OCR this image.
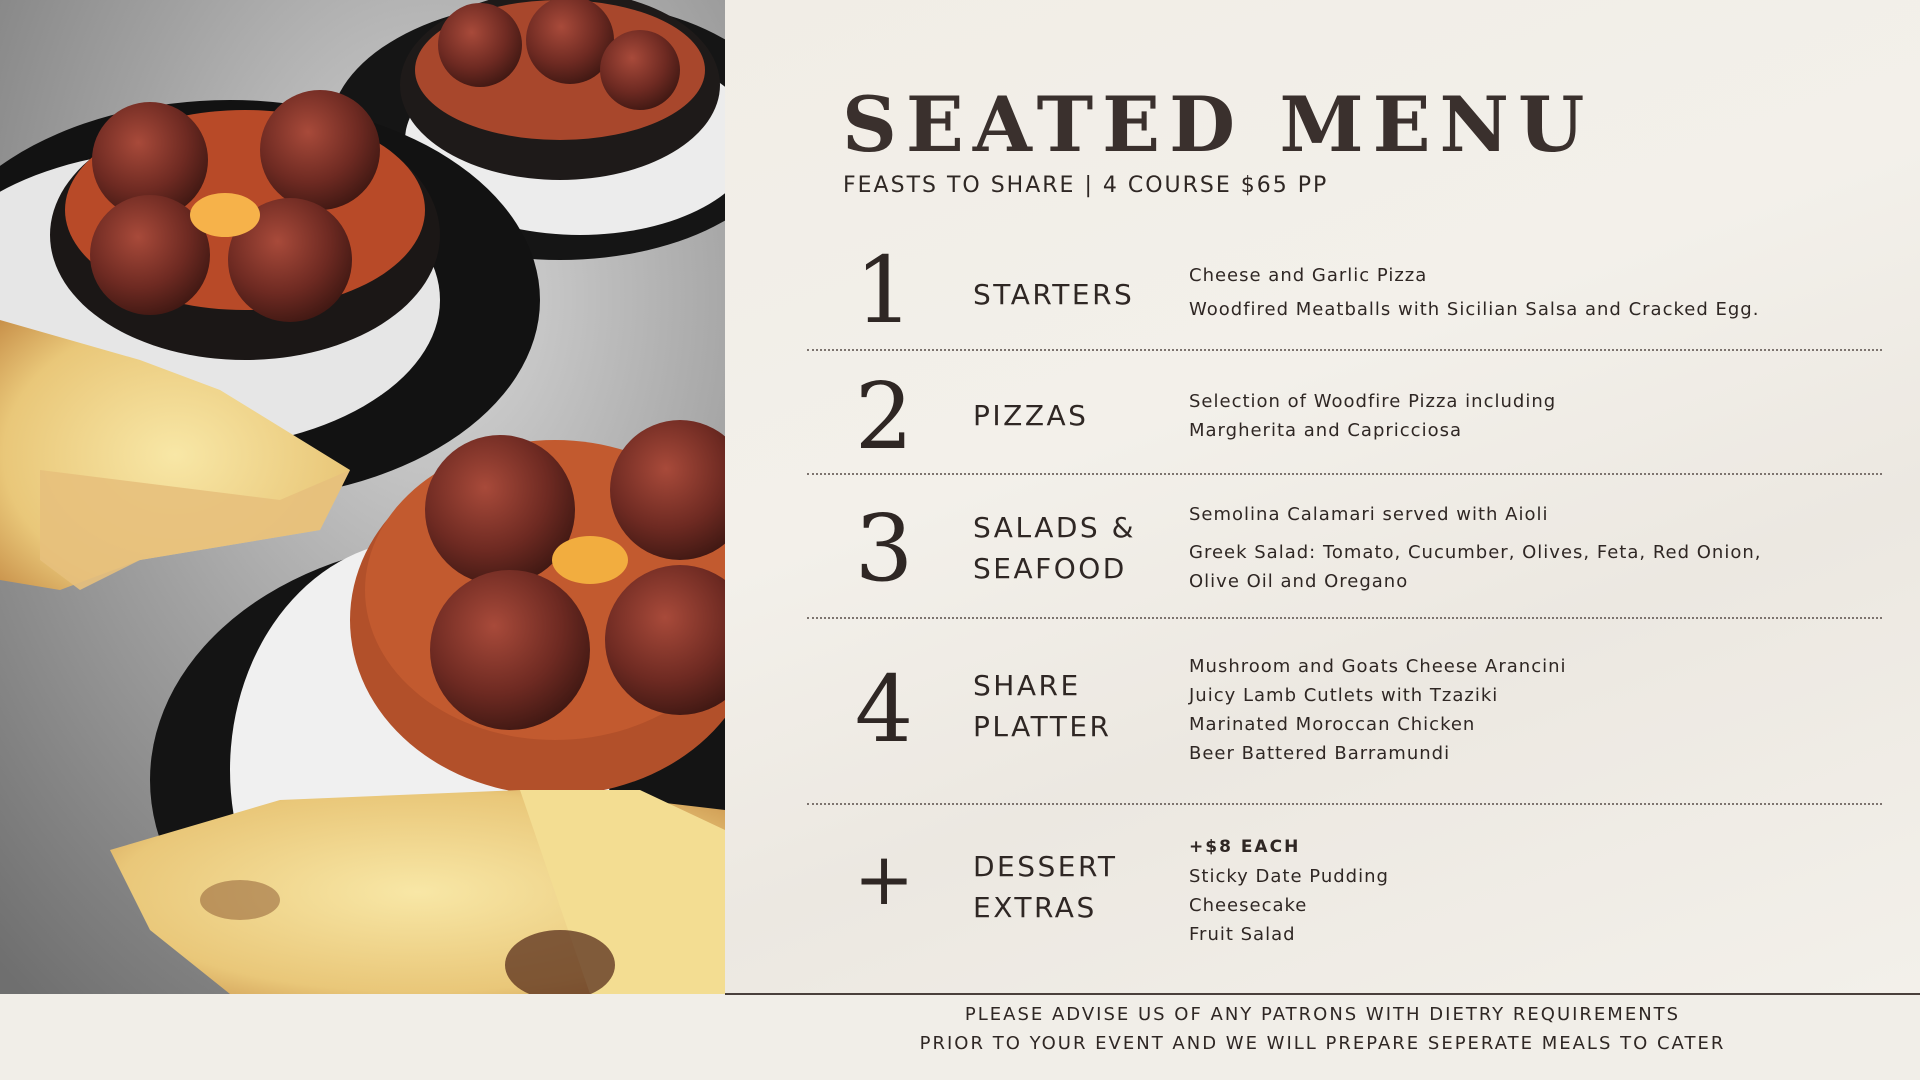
SEATED MENU
FEASTS TO SHARE | 4 COURSE $65 PP
1 STARTERS
Cheese and Garlic Pizza
Woodfired Meatballs with Sicilian Salsa and Cracked Egg.
2 PIZZAS	Selection of Woodfire Pizza including
Margherita and Capricciosa
3 SALADS &
SEAFOOD
Semolina Calamari served with Aioli
Greek Salad: Tomato, Cucumber, Olives, Feta, Red Onion,
Olive Oil and Oregano
4 SHARE
PLATTER
Mushroom and Goats Cheese Arancini
Juicy Lamb Cutlets with Tzaziki
Marinated Moroccan Chicken
Beer Battered Barramundi
+ DESSERT
EXTRAS
+$8 EACH
Sticky Date Pudding
Cheesecake
Fruit Salad
PLEASE ADVISE US OF ANY PATRONS WITH DIETRY REQUIREMENTS
PRIOR TO YOUR EVENT AND WE WILL PREPARE SEPERATE MEALS TO CATER
